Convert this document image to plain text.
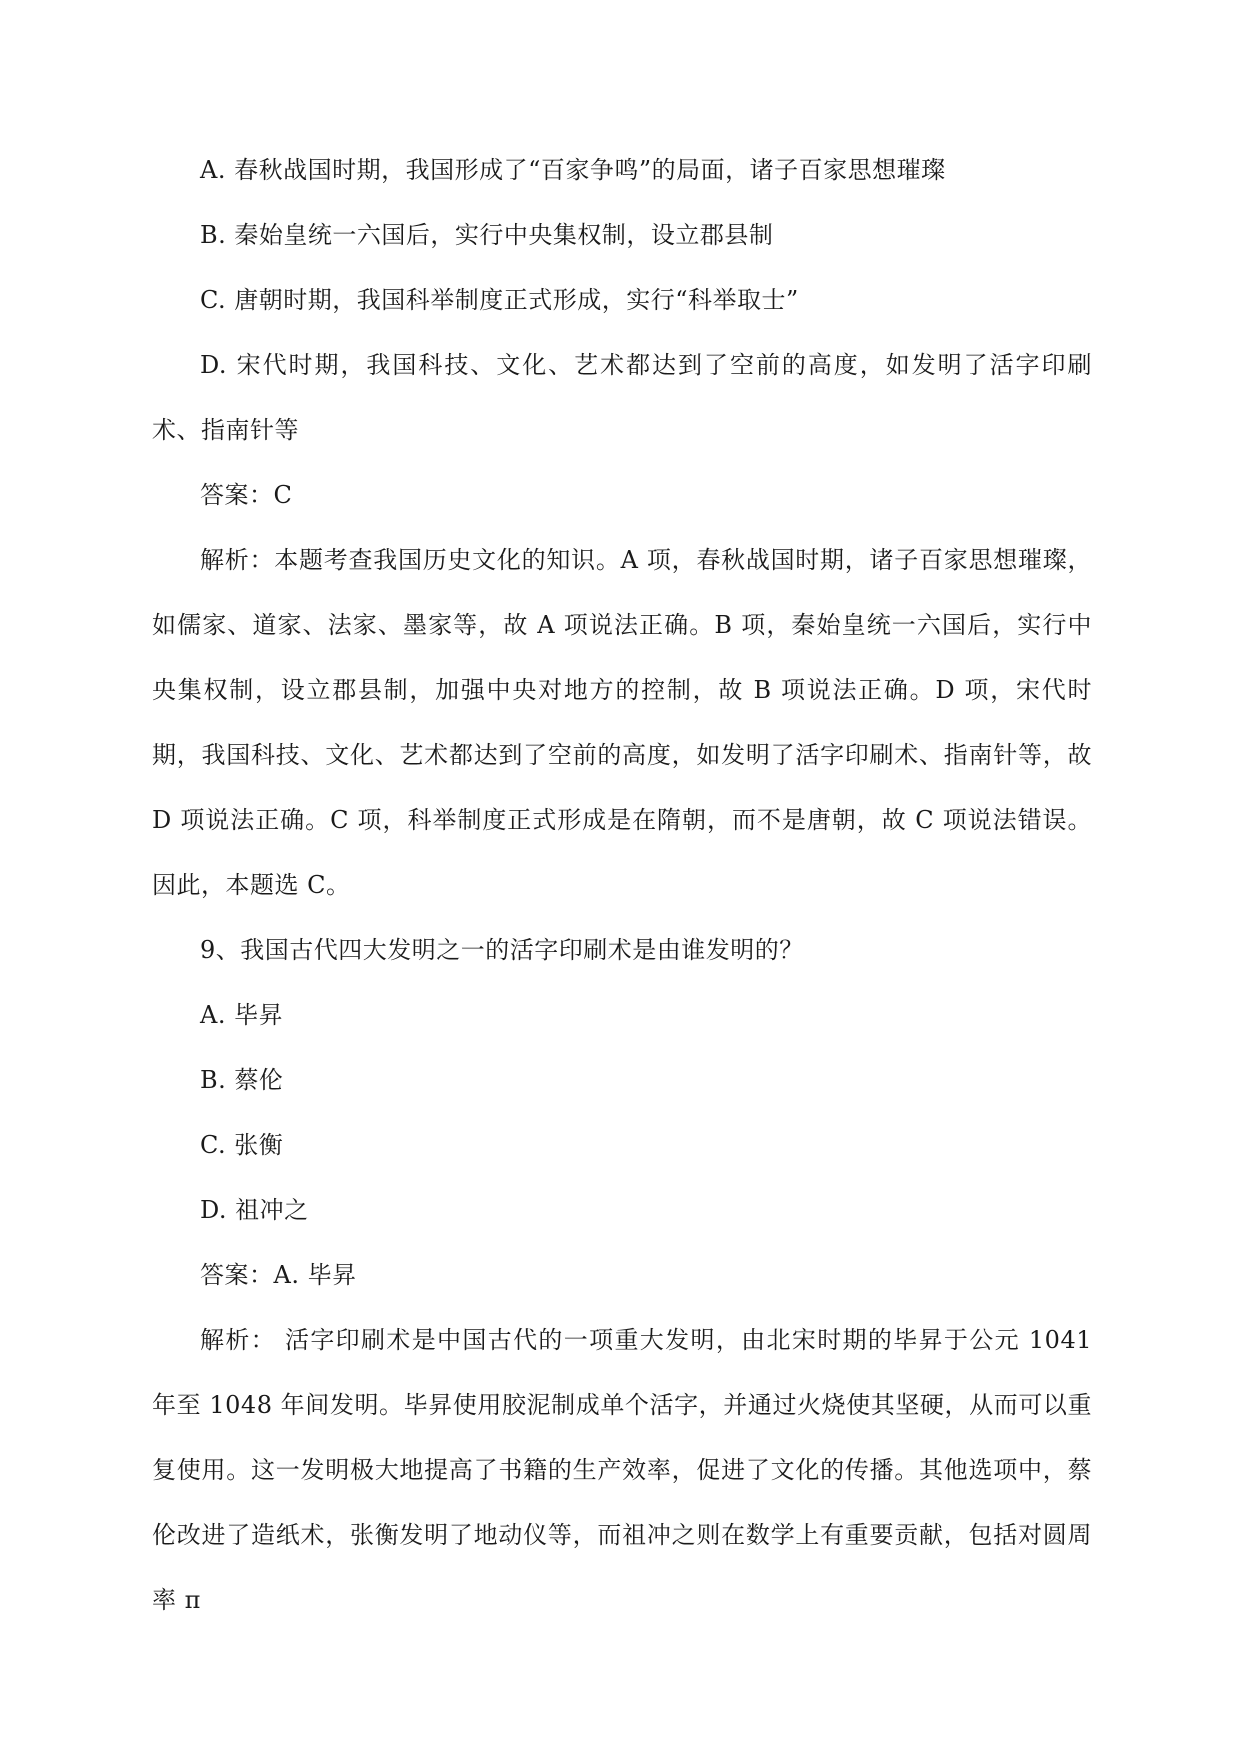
A. 春秋战国时期，我国形成了“百家争鸣”的局面，诸子百家思想璀璨

B. 秦始皇统一六国后，实行中央集权制，设立郡县制

C. 唐朝时期，我国科举制度正式形成，实行“科举取士”

D. 宋代时期，我国科技、文化、艺术都达到了空前的高度，如发明了活字印刷术、指南针等

答案：C

解析：本题考查我国历史文化的知识。A 项，春秋战国时期，诸子百家思想璀璨，如儒家、道家、法家、墨家等，故 A 项说法正确。B 项，秦始皇统一六国后，实行中央集权制，设立郡县制，加强中央对地方的控制，故 B 项说法正确。D 项，宋代时期，我国科技、文化、艺术都达到了空前的高度，如发明了活字印刷术、指南针等，故 D 项说法正确。C 项，科举制度正式形成是在隋朝，而不是唐朝，故 C 项说法错误。因此，本题选 C。

9、我国古代四大发明之一的活字印刷术是由谁发明的？

A. 毕昇

B. 蔡伦

C. 张衡

D. 祖冲之

答案：A. 毕昇

解析： 活字印刷术是中国古代的一项重大发明，由北宋时期的毕昇于公元 1041 年至 1048 年间发明。毕昇使用胶泥制成单个活字，并通过火烧使其坚硬，从而可以重复使用。这一发明极大地提高了书籍的生产效率，促进了文化的传播。其他选项中，蔡伦改进了造纸术，张衡发明了地动仪等，而祖冲之则在数学上有重要贡献，包括对圆周率 π
